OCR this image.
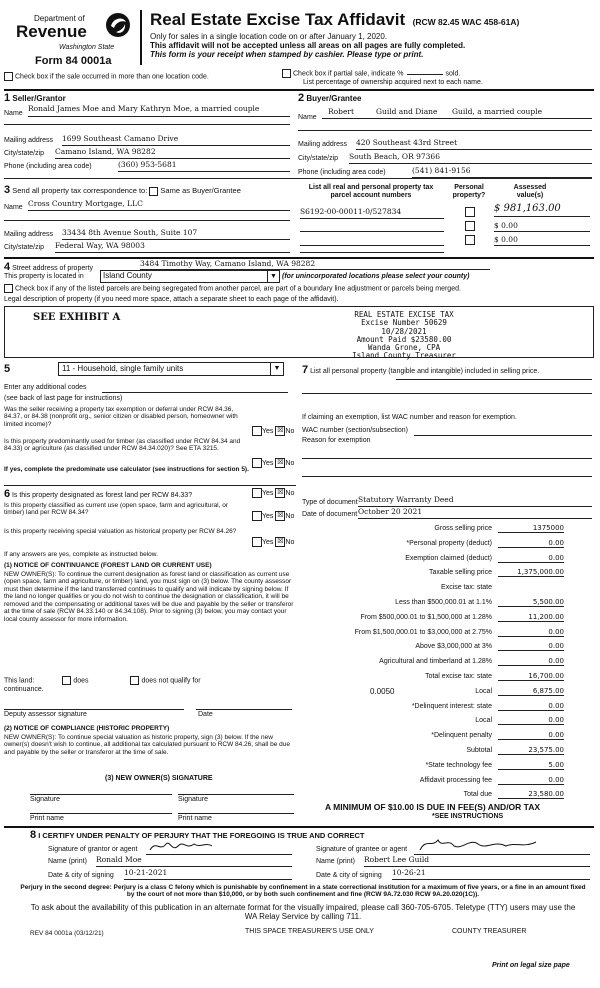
Department of
Revenue
Washington State
Form 84 0001a
Real Estate Excise Tax Affidavit (RCW 82.45 WAC 458-61A)
Only for sales in a single location code on or after January 1, 2020.
This affidavit will not be accepted unless all areas on all pages are fully completed.
This form is your receipt when stamped by cashier. Please type or print.
Check box if the sale occurred in more than one location code.	Check box if partial sale, indicate %	sold.
List percentage of ownership acquired next to each name.
1 Seller/Grantor
Name
Ronald James Moe and Mary Kathryn Moe, a married couple
Mailing address 1699 Southeast Camano Drive
City/state/zip Camano Island, WA 98282
Phone (including area code)	(360) 953-5681
2 Buyer/Grantee
Name
Robert	Guild and Diane Guild, a married couple
Mailing address 420 Southeast 43rd Street
City/state/zip South Beach, OR 97366
Phone (including area code)	(541) 841-9156
3 Send all property tax correspondence to: Same as Buyer/Grantee
Name Cross Country Mortgage, LLC
Mailing address 33434 8th Avenue South, Suite 107
City/state/zip Federal Way, WA 98003
List all real and personal property tax parcel account numbers
Personal property?
Assessed value(s)
S6192-00-00011-0/527834	$ 981,163.00
$ 0.00
$ 0.00
4 Street address of property
3484 Timothy Way, Camano Island, WA 98282
This property is located in Island County	▼ (for unincorporated locations please select your county)
Check box if any of the listed parcels are being segregated from another parcel, are part of a boundary line adjustment or parcels being merged.
Legal description of property (if you need more space, attach a separate sheet to each page of the affidavit).
SEE EXHIBIT A	REAL ESTATE EXCISE TAX
Excise Number 50629
10/28/2021
Amount Paid $23580.00
Wanda Grone, CPA
Island County Treasurer
5	11 - Household, single family units	▼
Enter any additional codes
(see back of last page for instructions)
Was the seller receiving a property tax exemption or deferral under RCW 84.36, 84.37, or 84.38 (nonprofit org., senior citizen or disabled person, homeowner with limited income)?
Yes ☒ No
Is this property predominantly used for timber (as classified under RCW 84.34 and 84.33) or agriculture (as classified under RCW 84.34.020)? See ETA 3215.
Yes ☒ No
If yes, complete the predominate use calculator (see instructions for section 5).
7 List all personal property (tangible and intangible) included in selling price.
If claiming an exemption, list WAC number and reason for exemption.
WAC number (section/subsection)
Reason for exemption
Type of document Statutory Warranty Deed
Date of document October 20 2021
Gross selling price	1375000
*Personal property (deduct)	0.00
Exemption claimed (deduct)	0.00
Taxable selling price	1,375,000.00
Excise tax: state
Less than $500,000.01 at 1.1%	5,500.00
From $500,000.01 to $1,500,000 at 1.28%	11,200.00
From $1,500,000.01 to $3,000,000 at 2.75%	0.00
Above $3,000,000 at 3%	0.00
Agricultural and timberland at 1.28%	0.00
Total excise tax: state	16,700.00
Local	6,875.00
*Delinquent interest: state	0.00
Local	0.00
*Delinquent penalty	0.00
Subtotal	23,575.00
*State technology fee	5.00
Affidavit processing fee	0.00
Total due	23,580.00
0.0050
A MINIMUM OF $10.00 IS DUE IN FEE(S) AND/OR TAX
*SEE INSTRUCTIONS
6 Is this property designated as forest land per RCW 84.33?	Yes ☒ No
Is this property classified as current use (open space, farm and agricultural, or timber) land per RCW 84.34?	Yes ☒ No
Is this property receiving special valuation as historical property per RCW 84.26?
Yes ☒ No
If any answers are yes, complete as instructed below.
(1) NOTICE OF CONTINUANCE (FOREST LAND OR CURRENT USE)
NEW OWNER(S): To continue the current designation as forest land or classification as current use (open space, farm and agriculture, or timber) land, you must sign on (3) below. The county assessor must then determine if the land transferred continues to qualify and will indicate by signing below. If the land no longer qualifies or you do not wish to continue the designation or classification, it will be removed and the compensating or additional taxes will be due and payable by the seller or transferor at the time of sale (RCW 84.33.140 or 84.34.108). Prior to signing (3) below, you may contact your local county assessor for more information.
This land:	does	does not qualify for
continuance.
Deputy assessor signature	Date
(2) NOTICE OF COMPLIANCE (HISTORIC PROPERTY)
NEW OWNER(S): To continue special valuation as historic property, sign (3) below. If the new owner(s) doesn't wish to continue, all additional tax calculated pursuant to RCW 84.26, shall be due and payable by the seller or transferor at the time of sale.
(3) NEW OWNER(S) SIGNATURE
Signature	Signature
Print name	Print name
8 I CERTIFY UNDER PENALTY OF PERJURY THAT THE FOREGOING IS TRUE AND CORRECT
Signature of grantor or agent	Signature of grantee or agent
Name (print) Ronald Moe	Name (print) Robert Lee Guild
Date & city of signing 10-21-2021	Date & city of signing 10-26-21
Perjury in the second degree: Perjury is a class C felony which is punishable by confinement in a state correctional institution for a maximum of five years, or a fine in an amount fixed by the court of not more than $10,000, or by both such confinement and fine (RCW 9A.72.030 RCW 9A.20.020(1C)).
To ask about the availability of this publication in an alternate format for the visually impaired, please call 360-705-6705. Teletype (TTY) users may use the WA Relay Service by calling 711.
REV 84 0001a (03/12/21)	THIS SPACE TREASURER'S USE ONLY	COUNTY TREASURER
Print on legal size pape
